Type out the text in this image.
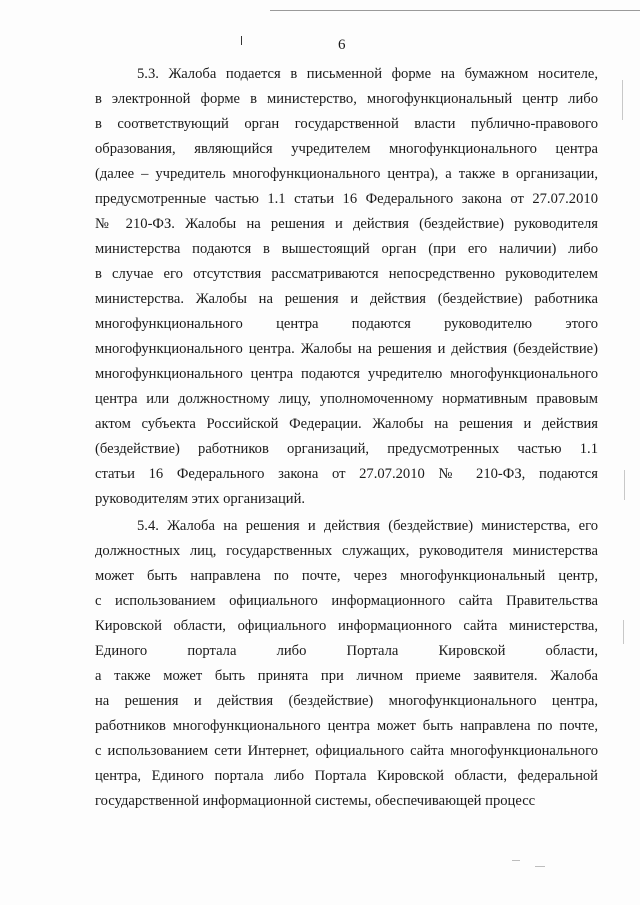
6
5.3. Жалоба подается в письменной форме на бумажном носителе,
в электронной форме в министерство, многофункциональный центр либо
в соответствующий орган государственной власти публично-правового
образования, являющийся учредителем многофункционального центра
(далее – учредитель многофункционального центра), а также в организации,
предусмотренные частью 1.1 статьи 16 Федерального закона от 27.07.2010
№ 210-ФЗ. Жалобы на решения и действия (бездействие) руководителя
министерства подаются в вышестоящий орган (при его наличии) либо
в случае его отсутствия рассматриваются непосредственно руководителем
министерства. Жалобы на решения и действия (бездействие) работника
многофункционального центра подаются руководителю этого
многофункционального центра. Жалобы на решения и действия (бездействие)
многофункционального центра подаются учредителю многофункционального
центра или должностному лицу, уполномоченному нормативным правовым
актом субъекта Российской Федерации. Жалобы на решения и действия
(бездействие) работников организаций, предусмотренных частью 1.1
статьи 16 Федерального закона от 27.07.2010 № 210-ФЗ, подаются
руководителям этих организаций.
5.4. Жалоба на решения и действия (бездействие) министерства, его
должностных лиц, государственных служащих, руководителя министерства
может быть направлена по почте, через многофункциональный центр,
с использованием официального информационного сайта Правительства
Кировской области, официального информационного сайта министерства,
Единого портала либо Портала Кировской области,
а также может быть принята при личном приеме заявителя. Жалоба
на решения и действия (бездействие) многофункционального центра,
работников многофункционального центра может быть направлена по почте,
с использованием сети Интернет, официального сайта многофункционального
центра, Единого портала либо Портала Кировской области, федеральной
государственной информационной системы, обеспечивающей процесс
